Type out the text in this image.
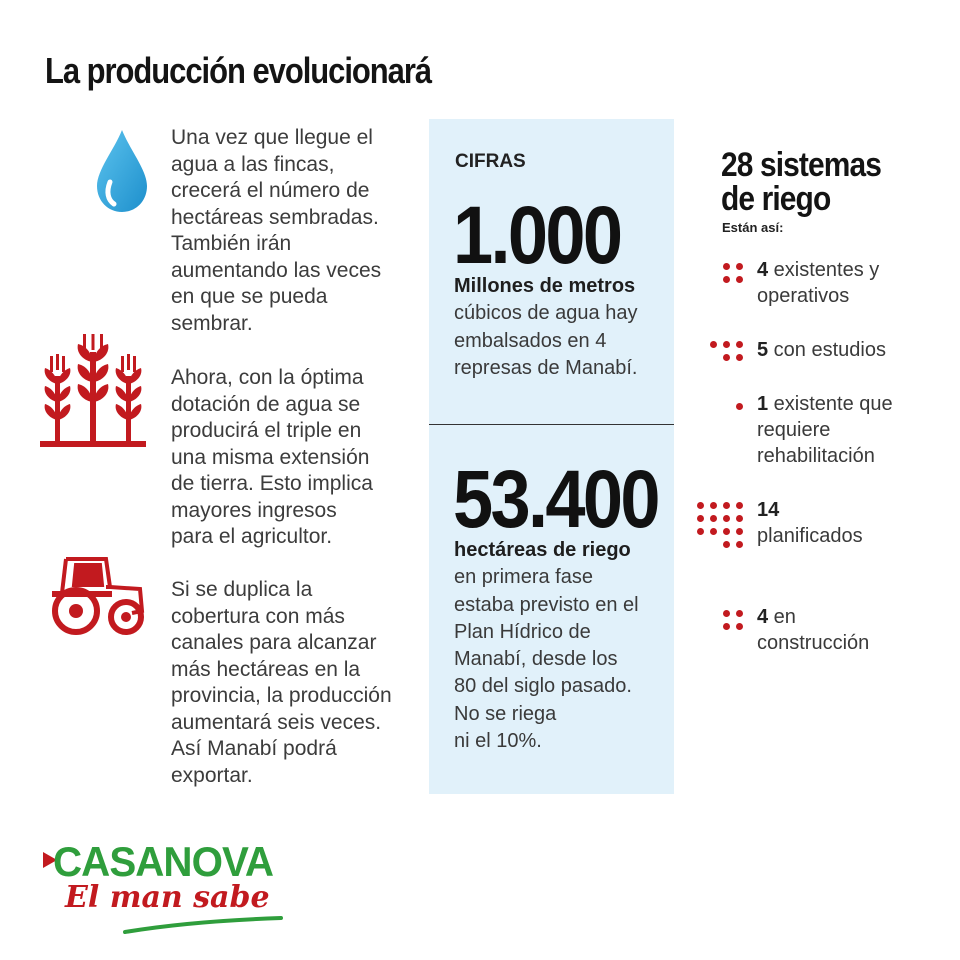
La producción evolucionará
Una vez que llegue el
agua a las fincas,
crecerá el número de
hectáreas sembradas.
También irán
aumentando las veces
en que se pueda
sembrar.
Ahora, con la óptima
dotación de agua se
producirá el triple en
una misma extensión
de tierra. Esto implica
mayores ingresos
para el agricultor.
Si se duplica la
cobertura con más
canales para alcanzar
más hectáreas en la
provincia, la producción
aumentará seis veces.
Así Manabí podrá
exportar.
CIFRAS
1.000
Millones de metros
cúbicos de agua hay
embalsados en 4
represas de Manabí.
53.400
hectáreas de riego
en primera fase
estaba previsto en el
Plan Hídrico de
Manabí, desde los
80 del siglo pasado.
No se riega
ni el 10%.
28 sistemas
de riego
Están así:
4 existentes y
operativos
5 con estudios
1 existente que
requiere
rehabilitación
14
planificados
4 en
construcción
CASANOVA
El man sabe
